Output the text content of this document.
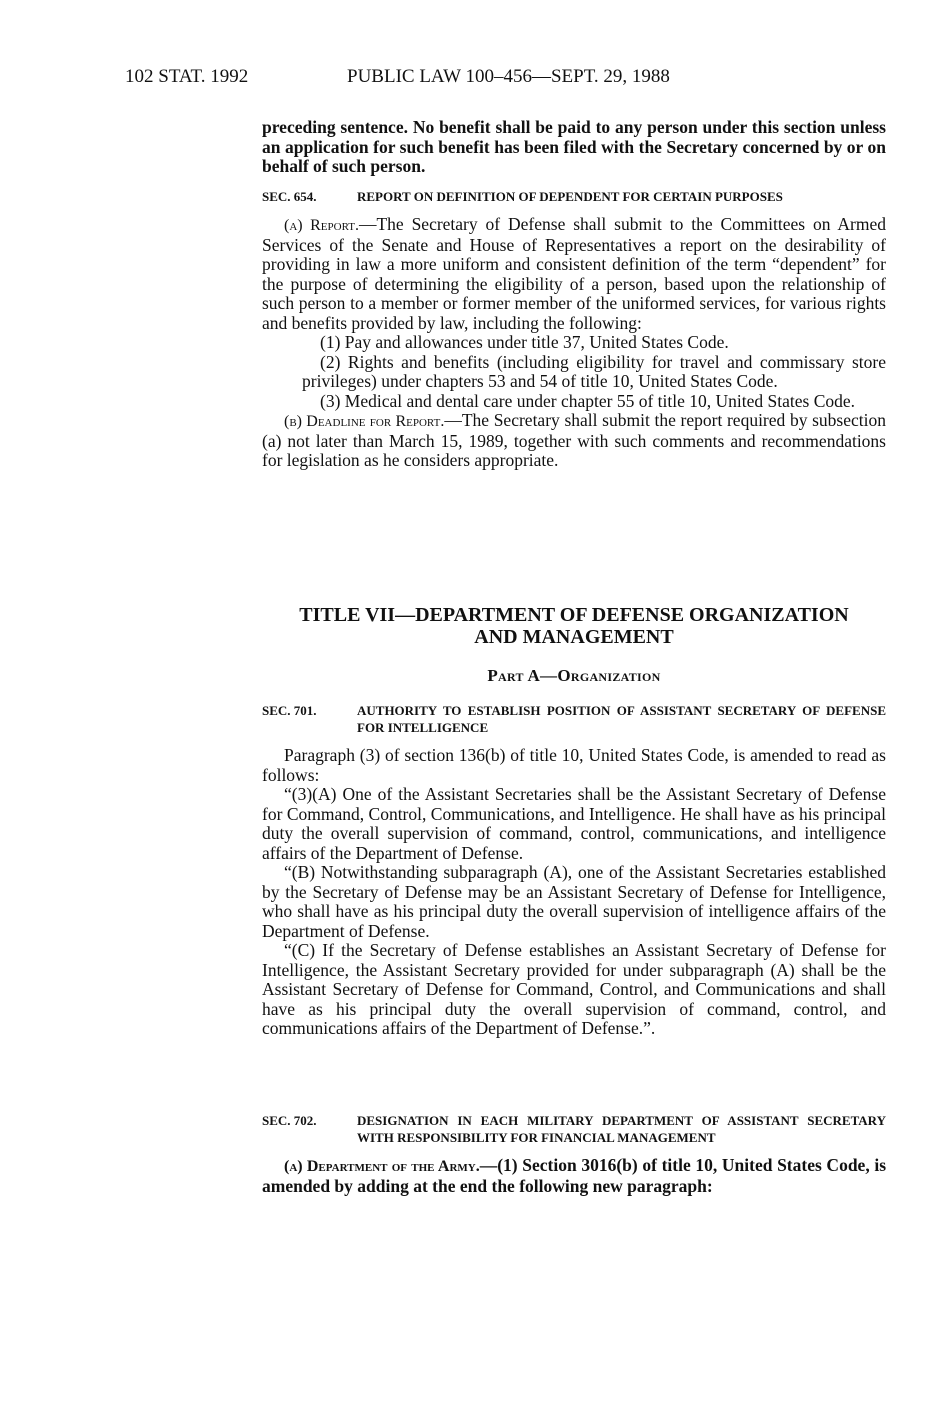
102 STAT. 1992	PUBLIC LAW 100–456—SEPT. 29, 1988

preceding sentence. No benefit shall be paid to any person under this section unless an application for such benefit has been filed with the Secretary concerned by or on behalf of such person.

SEC. 654.	REPORT ON DEFINITION OF DEPENDENT FOR CERTAIN PURPOSES

(a) Report.—The Secretary of Defense shall submit to the Committees on Armed Services of the Senate and House of Representatives a report on the desirability of providing in law a more uniform and consistent definition of the term “dependent” for the purpose of determining the eligibility of a person, based upon the relationship of such person to a member or former member of the uniformed services, for various rights and benefits provided by law, including the following:

(1) Pay and allowances under title 37, United States Code.

(2) Rights and benefits (including eligibility for travel and commissary store privileges) under chapters 53 and 54 of title 10, United States Code.

(3) Medical and dental care under chapter 55 of title 10, United States Code.

(b) Deadline for Report.—The Secretary shall submit the report required by subsection (a) not later than March 15, 1989, together with such comments and recommendations for legislation as he considers appropriate.

TITLE VII—DEPARTMENT OF DEFENSE ORGANIZATION
AND MANAGEMENT
Part A—Organization
SEC. 701.	AUTHORITY TO ESTABLISH POSITION OF ASSISTANT SECRETARY OF DEFENSE FOR INTELLIGENCE

Paragraph (3) of section 136(b) of title 10, United States Code, is amended to read as follows:

“(3)(A) One of the Assistant Secretaries shall be the Assistant Secretary of Defense for Command, Control, Communications, and Intelligence. He shall have as his principal duty the overall supervision of command, control, communications, and intelligence affairs of the Department of Defense.

“(B) Notwithstanding subparagraph (A), one of the Assistant Secretaries established by the Secretary of Defense may be an Assistant Secretary of Defense for Intelligence, who shall have as his principal duty the overall supervision of intelligence affairs of the Department of Defense.

“(C) If the Secretary of Defense establishes an Assistant Secretary of Defense for Intelligence, the Assistant Secretary provided for under subparagraph (A) shall be the Assistant Secretary of Defense for Command, Control, and Communications and shall have as his principal duty the overall supervision of command, control, and communications affairs of the Department of Defense.”.

SEC. 702.	DESIGNATION IN EACH MILITARY DEPARTMENT OF ASSISTANT SECRETARY WITH RESPONSIBILITY FOR FINANCIAL MANAGEMENT

(a) Department of the Army.—(1) Section 3016(b) of title 10, United States Code, is amended by adding at the end the following new paragraph:
